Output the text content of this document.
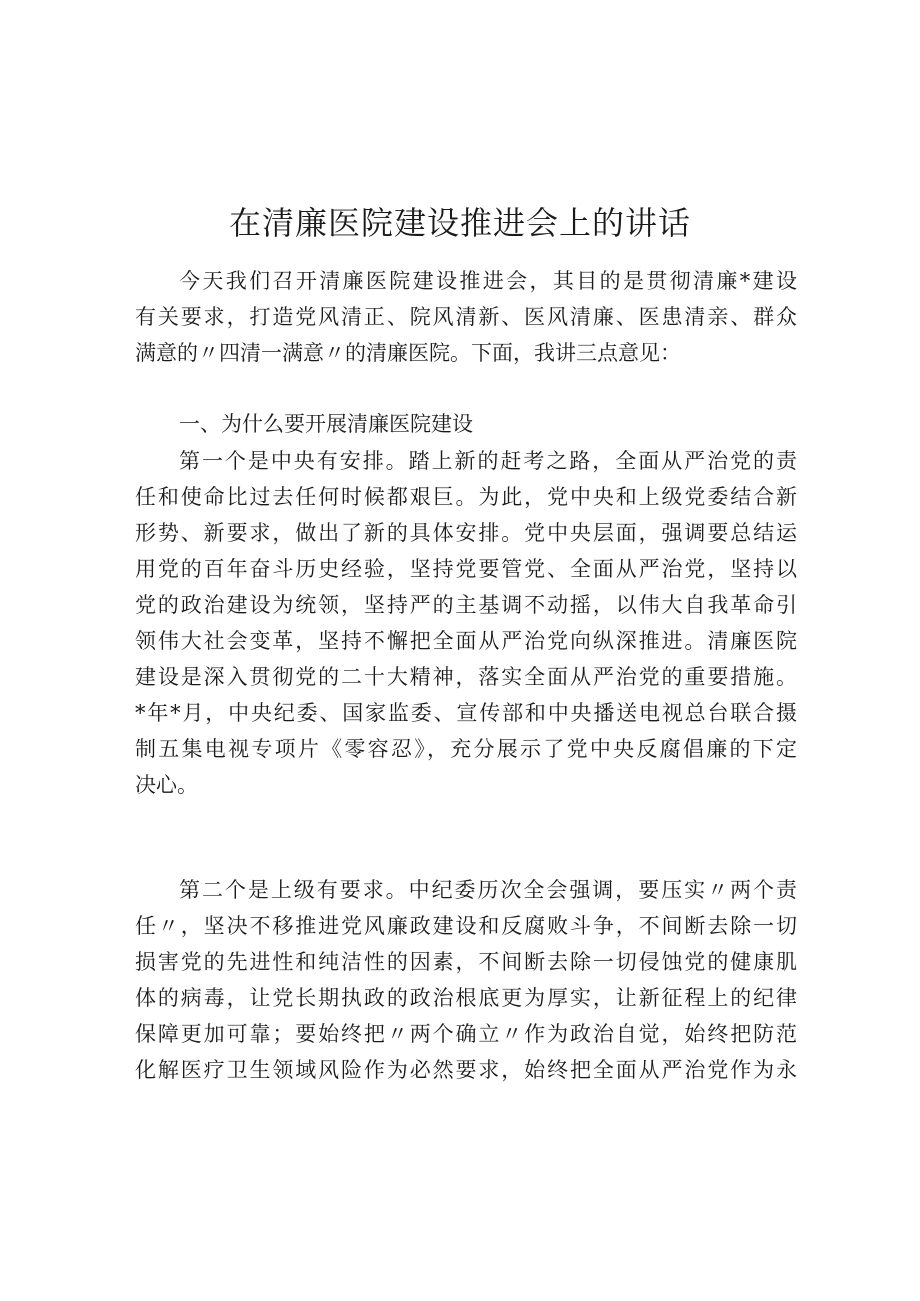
在清廉医院建设推进会上的讲话
今天我们召开清廉医院建设推进会，其目的是贯彻清廉*建设
有关要求，打造党风清正、院风清新、医风清廉、医患清亲、群众
满意的〃四清一满意〃的清廉医院。下面，我讲三点意见：
一、为什么要开展清廉医院建设
第一个是中央有安排。踏上新的赶考之路，全面从严治党的责
任和使命比过去任何时候都艰巨。为此，党中央和上级党委结合新
形势、新要求，做出了新的具体安排。党中央层面，强调要总结运
用党的百年奋斗历史经验，坚持党要管党、全面从严治党，坚持以
党的政治建设为统领，坚持严的主基调不动摇，以伟大自我革命引
领伟大社会变革，坚持不懈把全面从严治党向纵深推进。清廉医院
建设是深入贯彻党的二十大精神，落实全面从严治党的重要措施。
*年*月，中央纪委、国家监委、宣传部和中央播送电视总台联合摄
制五集电视专项片《零容忍》，充分展示了党中央反腐倡廉的下定
决心。
第二个是上级有要求。中纪委历次全会强调，要压实〃两个责
任〃，坚决不移推进党风廉政建设和反腐败斗争，不间断去除一切
损害党的先进性和纯洁性的因素，不间断去除一切侵蚀党的健康肌
体的病毒，让党长期执政的政治根底更为厚实，让新征程上的纪律
保障更加可靠；要始终把〃两个确立〃作为政治自觉，始终把防范
化解医疗卫生领域风险作为必然要求，始终把全面从严治党作为永
